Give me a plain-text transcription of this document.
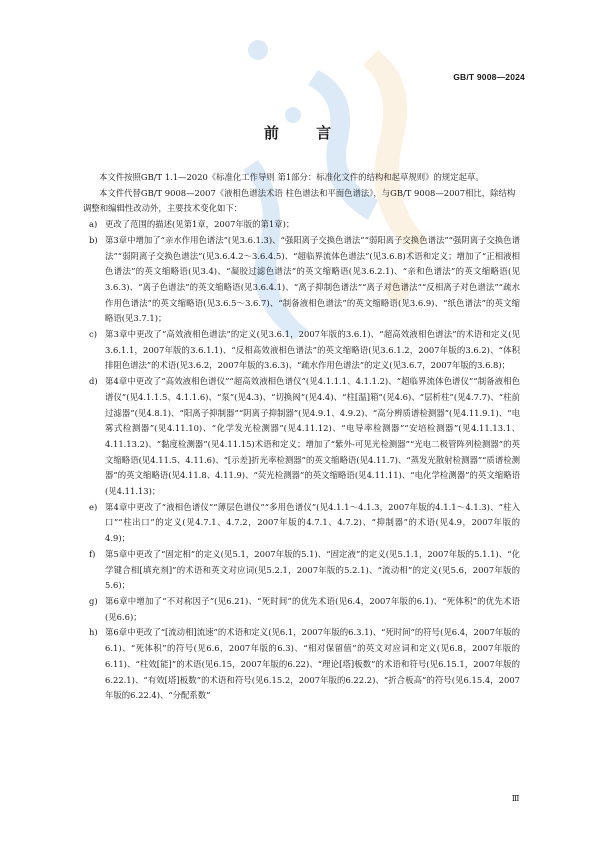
GB/T 9008—2024
前 言

本文件按照GB/T 1.1—2020《标准化工作导则 第1部分：标准化文件的结构和起草规则》的规定起草。

本文件代替GB/T 9008—2007《液相色谱法术语 柱色谱法和平面色谱法》，与GB/T 9008—2007相比，除结构调整和编辑性改动外，主要技术变化如下：

a) 更改了范围的描述(见第1章，2007年版的第1章)；
b) 第3章中增加了“亲水作用色谱法”(见3.6.1.3)、“强阳离子交换色谱法”“弱阳离子交换色谱法”“强阴离子交换色谱法”“弱阴离子交换色谱法”(见3.6.4.2～3.6.4.5)、“超临界流体色谱法”(见3.6.8)术语和定义；增加了“正相液相色谱法”的英文缩略语(见3.4)、“凝胶过滤色谱法”的英文缩略语(见3.6.2.1)、“亲和色谱法”的英文缩略语(见3.6.3)、“离子色谱法”的英文缩略语(见3.6.4.1)、“离子抑制色谱法”“离子对色谱法”“反相离子对色谱法”“疏水作用色谱法”的英文缩略语(见3.6.5～3.6.7)、“制备液相色谱法”的英文缩略语(见3.6.9)、“纸色谱法”的英文缩略语(见3.7.1)；
c) 第3章中更改了“高效液相色谱法”的定义(见3.6.1，2007年版的3.6.1)、“超高效液相色谱法”的术语和定义(见3.6.1.1，2007年版的3.6.1.1)、“反相高效液相色谱法”的英文缩略语(见3.6.1.2，2007年版的3.6.2)、“体积排阻色谱法”的术语(见3.6.2，2007年版的3.6.3)、“疏水作用色谱法”的定义(见3.6.7，2007年版的3.6.8)；
d) 第4章中更改了“高效液相色谱仪”“超高效液相色谱仪”(见4.1.1.1、4.1.1.2)、“超临界流体色谱仪”“制备液相色谱仪”(见4.1.1.5、4.1.1.6)、“泵”(见4.3)、“切换阀”(见4.4)、“柱[温]箱”(见4.6)、“层析柱”(见4.7.7)、“柱前过滤器”(见4.8.1)、“阳离子抑制器”“阴离子抑制器”(见4.9.1、4.9.2)、“高分辨质谱检测器”(见4.11.9.1)、“电雾式检测器”(见4.11.10)、“化学发光检测器”(见4.11.12)、“电导率检测器”“安培检测器”(见4.11.13.1、4.11.13.2)、“黏度检测器”(见4.11.15)术语和定义；增加了“紫外-可见光检测器”“光电二极管阵列检测器”的英文缩略语(见4.11.5、4.11.6)、“[示差]折光率检测器”的英文缩略语(见4.11.7)、“蒸发光散射检测器”“质谱检测器”的英文缩略语(见4.11.8、4.11.9)、“荧光检测器”的英文缩略语(见4.11.11)、“电化学检测器”的英文缩略语(见4.11.13)；
e) 第4章中更改了“液相色谱仪”“薄层色谱仪”“多用色谱仪”(见4.1.1～4.1.3，2007年版的4.1.1～4.1.3)、“柱入口”“柱出口”的定义(见4.7.1、4.7.2，2007年版的4.7.1、4.7.2)、“抑制器”的术语(见4.9，2007年版的4.9)；
f)	第5章中更改了“固定相”的定义(见5.1，2007年版的5.1)、“固定液”的定义(见5.1.1，2007年版的5.1.1)、“化学键合相[填充剂]”的术语和英文对应词(见5.2.1，2007年版的5.2.1)、“流动相”的定义(见5.6，2007年版的5.6)；
g) 第6章中增加了“不对称因子”(见6.21)、“死时间”的优先术语(见6.4，2007年版的6.1)、“死体积”的优先术语(见6.6)；
h) 第6章中更改了“[流动相]流速”的术语和定义(见6.1，2007年版的6.3.1)、“死时间”的符号(见6.4，2007年版的6.1)、“死体积”的符号(见6.6，2007年版的6.3)、“相对保留值”的英文对应词和定义(见6.8，2007年版的6.11)、“柱效[能]”的术语(见6.15，2007年版的6.22)、“理论[塔]板数”的术语和符号(见6.15.1，2007年版的6.22.1)、“有效[塔]板数”的术语和符号(见6.15.2，2007年版的6.22.2)、“折合板高”的符号(见6.15.4，2007年版的6.22.4)、“分配系数”
Ⅲ
